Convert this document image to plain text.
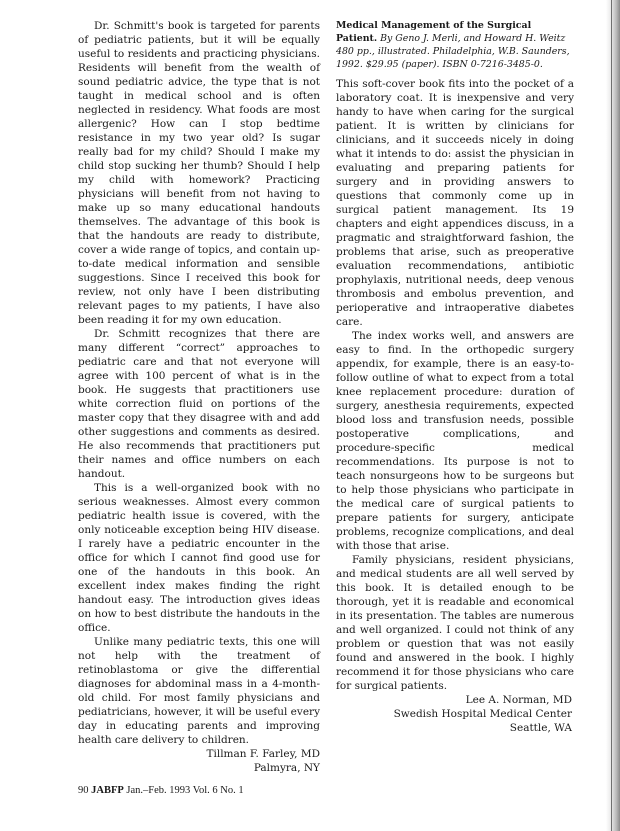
Dr. Schmitt's book is targeted for parents of pediatric patients, but it will be equally useful to residents and practicing physicians. Residents will benefit from the wealth of sound pediatric advice, the type that is not taught in medical school and is often neglected in residency. What foods are most allergenic? How can I stop bedtime resistance in my two year old? Is sugar really bad for my child? Should I make my child stop sucking her thumb? Should I help my child with homework? Practicing physicians will benefit from not having to make up so many educational handouts themselves. The advantage of this book is that the handouts are ready to distribute, cover a wide range of topics, and contain up-to-date medical information and sensible suggestions. Since I received this book for review, not only have I been distributing relevant pages to my patients, I have also been reading it for my own education.

Dr. Schmitt recognizes that there are many different “correct” approaches to pediatric care and that not everyone will agree with 100 percent of what is in the book. He suggests that practitioners use white correction fluid on portions of the master copy that they disagree with and add other suggestions and comments as desired. He also recommends that practitioners put their names and office numbers on each handout.

This is a well-organized book with no serious weaknesses. Almost every common pediatric health issue is covered, with the only noticeable exception being HIV disease. I rarely have a pediatric encounter in the office for which I cannot find good use for one of the handouts in this book. An excellent index makes finding the right handout easy. The introduction gives ideas on how to best distribute the handouts in the office.

Unlike many pediatric texts, this one will not help with the treatment of retinoblastoma or give the differential diagnoses for abdominal mass in a 4-month-old child. For most family physicians and pediatricians, however, it will be useful every day in educating parents and improving health care delivery to children.

Tillman F. Farley, MD
Palmyra, NY
Medical Management of the Surgical Patient. By Geno J. Merli, and Howard H. Weitz 480 pp., illustrated. Philadelphia, W.B. Saunders, 1992. $29.95 (paper). ISBN 0-7216-3485-0.

This soft-cover book fits into the pocket of a laboratory coat. It is inexpensive and very handy to have when caring for the surgical patient. It is written by clinicians for clinicians, and it succeeds nicely in doing what it intends to do: assist the physician in evaluating and preparing patients for surgery and in providing answers to questions that commonly come up in surgical patient management. Its 19 chapters and eight appendices discuss, in a pragmatic and straightforward fashion, the problems that arise, such as preoperative evaluation recommendations, antibiotic prophylaxis, nutritional needs, deep venous thrombosis and embolus prevention, and perioperative and intraoperative diabetes care.

The index works well, and answers are easy to find. In the orthopedic surgery appendix, for example, there is an easy-to-follow outline of what to expect from a total knee replacement procedure: duration of surgery, anesthesia requirements, expected blood loss and transfusion needs, possible postoperative complications, and procedure-specific medical recommendations. Its purpose is not to teach nonsurgeons how to be surgeons but to help those physicians who participate in the medical care of surgical patients to prepare patients for surgery, anticipate problems, recognize complications, and deal with those that arise.

Family physicians, resident physicians, and medical students are all well served by this book. It is detailed enough to be thorough, yet it is readable and economical in its presentation. The tables are numerous and well organized. I could not think of any problem or question that was not easily found and answered in the book. I highly recommend it for those physicians who care for surgical patients.

Lee A. Norman, MD
Swedish Hospital Medical Center
Seattle, WA
90 JABFP Jan.–Feb. 1993 Vol. 6 No. 1
